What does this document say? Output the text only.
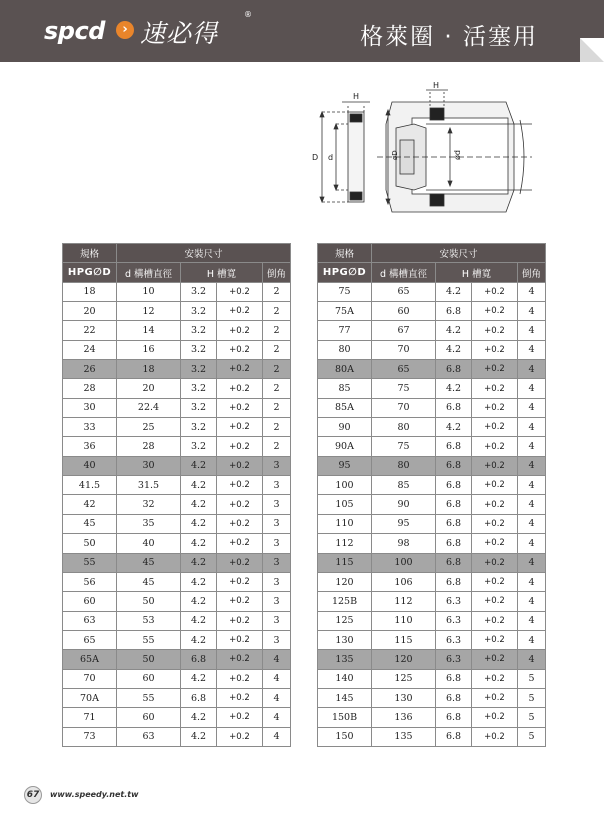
spcd	› 速必得
®
格萊圈 · 活塞用
H
D d
H
øD	ød
規格	安裝尺寸			
HPG∅D	d 構槽直徑	H 槽寬		倒角
18	10	3.2	+0.2	2
20	12	3.2	+0.2	2
22	14	3.2	+0.2	2
24	16	3.2	+0.2	2
26	18	3.2	+0.2	2
28	20	3.2	+0.2	2
30	22.4	3.2	+0.2	2
33	25	3.2	+0.2	2
36	28	3.2	+0.2	2
40	30	4.2	+0.2	3
41.5	31.5	4.2	+0.2	3
42	32	4.2	+0.2	3
45	35	4.2	+0.2	3
50	40	4.2	+0.2	3
55	45	4.2	+0.2	3
56	45	4.2	+0.2	3
60	50	4.2	+0.2	3
63	53	4.2	+0.2	3
65	55	4.2	+0.2	3
65A	50	6.8	+0.2	4
70	60	4.2	+0.2	4
70A	55	6.8	+0.2	4
71	60	4.2	+0.2	4
73	63	4.2	+0.2	4
規格	安裝尺寸			
HPG∅D	d 構槽直徑	H 槽寬		倒角
75	65	4.2	+0.2	4
75A	60	6.8	+0.2	4
77	67	4.2	+0.2	4
80	70	4.2	+0.2	4
80A	65	6.8	+0.2	4
85	75	4.2	+0.2	4
85A	70	6.8	+0.2	4
90	80	4.2	+0.2	4
90A	75	6.8	+0.2	4
95	80	6.8	+0.2	4
100	85	6.8	+0.2	4
105	90	6.8	+0.2	4
110	95	6.8	+0.2	4
112	98	6.8	+0.2	4
115	100	6.8	+0.2	4
120	106	6.8	+0.2	4
125B	112	6.3	+0.2	4
125	110	6.3	+0.2	4
130	115	6.3	+0.2	4
135	120	6.3	+0.2	4
140	125	6.8	+0.2	5
145	130	6.8	+0.2	5
150B	136	6.8	+0.2	5
150	135	6.8	+0.2	5
67	www.speedy.net.tw
